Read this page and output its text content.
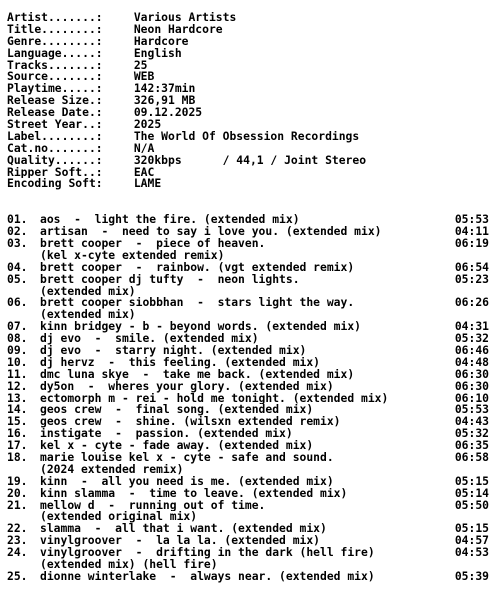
Artist.......:	Various Artists
Title........:	Neon Hardcore
Genre........:	Hardcore
Language.....:	English
Tracks.......:	25
Source.......:	WEB
Playtime.....:	142:37min
Release Size.:	326,91 MB
Release Date.:	09.12.2025
Street Year..:	2025
Label........:	The World Of Obsession Recordings
Cat.no.......:	N/A
Quality......:	320kbps      / 44,1 / Joint Stereo
Ripper Soft..:	EAC
Encoding Soft:	LAME
01. aos  -  light the fire. (extended mix)	05:53
02. artisan  -  need to say i love you. (extended mix)	04:11
03. brett cooper  -  piece of heaven.	06:19
(kel x-cyte extended remix)
04. brett cooper  -  rainbow. (vgt extended remix)	06:54
05. brett cooper dj tufty  -  neon lights.	05:23
(extended mix)
06. brett cooper siobbhan  -  stars light the way.	06:26
(extended mix)
07. kinn bridgey - b - beyond words. (extended mix)	04:31
08. dj evo  -  smile. (extended mix)	05:32
09. dj evo  -  starry night. (extended mix)	06:46
10. dj hervz  -  this feeling. (extended mix)	04:48
11. dmc luna skye  -  take me back. (extended mix)	06:30
12. dy5on  -  wheres your glory. (extended mix)	06:30
13. ectomorph m - rei - hold me tonight. (extended mix)	06:10
14. geos crew  -  final song. (extended mix)	05:53
15. geos crew  -  shine. (wilsxn extended remix)	04:43
16. instigate  -  passion. (extended mix)	05:32
17. kel x - cyte - fade away. (extended mix)	06:35
18. marie louise kel x - cyte - safe and sound.	06:58
(2024 extended remix)
19. kinn  -  all you need is me. (extended mix)	05:15
20. kinn slamma  -  time to leave. (extended mix)	05:14
21. mellow d  -  running out of time.	05:50
(extended original mix)
22. slamma  -  all that i want. (extended mix)	05:15
23. vinylgroover  -  la la la. (extended mix)	04:57
24. vinylgroover  -  drifting in the dark (hell fire)	04:53
(extended mix) (hell fire)
25. dionne winterlake  -  always near. (extended mix)	05:39
